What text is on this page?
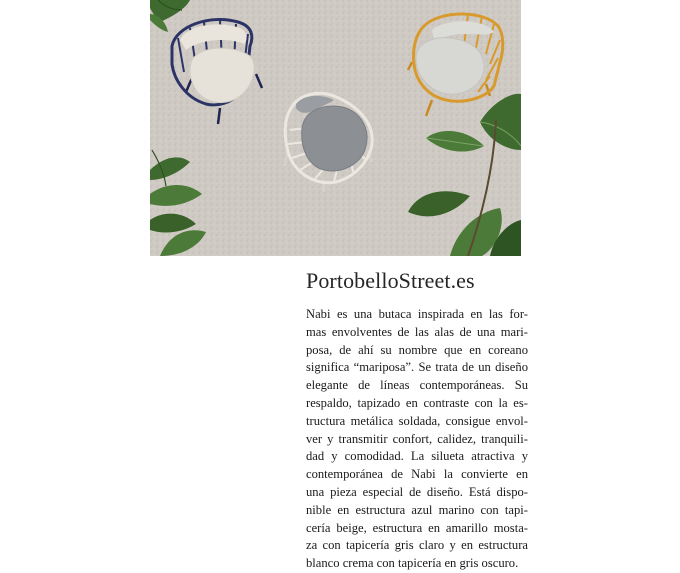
PortobelloStreet.es
Nabi es una butaca inspirada en las for-
mas envolventes de las alas de una mari-
posa, de ahí su nombre que en coreano
significa “mariposa”. Se trata de un diseño
elegante de líneas contemporáneas. Su
respaldo, tapizado en contraste con la es-
tructura metálica soldada, consigue envol-
ver y transmitir confort, calidez, tranquili-
dad y comodidad. La silueta atractiva y
contemporánea de Nabi la convierte en
una pieza especial de diseño. Está dispo-
nible en estructura azul marino con tapi-
cería beige, estructura en amarillo mosta-
za con tapicería gris claro y en estructura
blanco crema con tapicería en gris oscuro.
